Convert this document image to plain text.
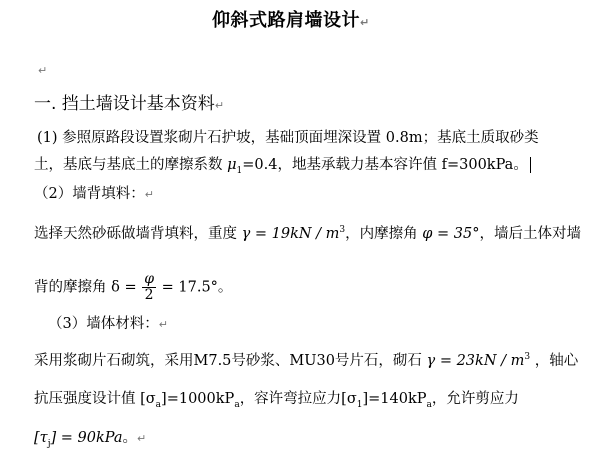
仰斜式路肩墙设计↵
↵
一. 挡土墙设计基本资料↵
(1) 参照原路段设置浆砌片石护坡，基础顶面埋深设置 0.8m；基底土质取砂类
土，基底与基底土的摩擦系数 $\mu_1=0.4$，地基承载力基本容许值 f=300kPa。
（2）墙背填料：↵
选择天然砂砾做墙背填料，重度 $\gamma = 19kN / m^3$，内摩擦角 φ = 35°，墙后土体对墙
背的摩擦角 $\delta = \frac{\varphi}{2} = 17.5^\circ$。
（3）墙体材料：↵
采用浆砌片石砌筑，采用M7.5号砂浆、MU30号片石，砌石 $\gamma = 23kN / m^3$ ，轴心
抗压强度设计值 $[\sigma_a]=1000kP_a$，容许弯拉应力$[\sigma_1]=140kP_a$，允许剪应力
$[\tau_j] = 90kPa$。↵
